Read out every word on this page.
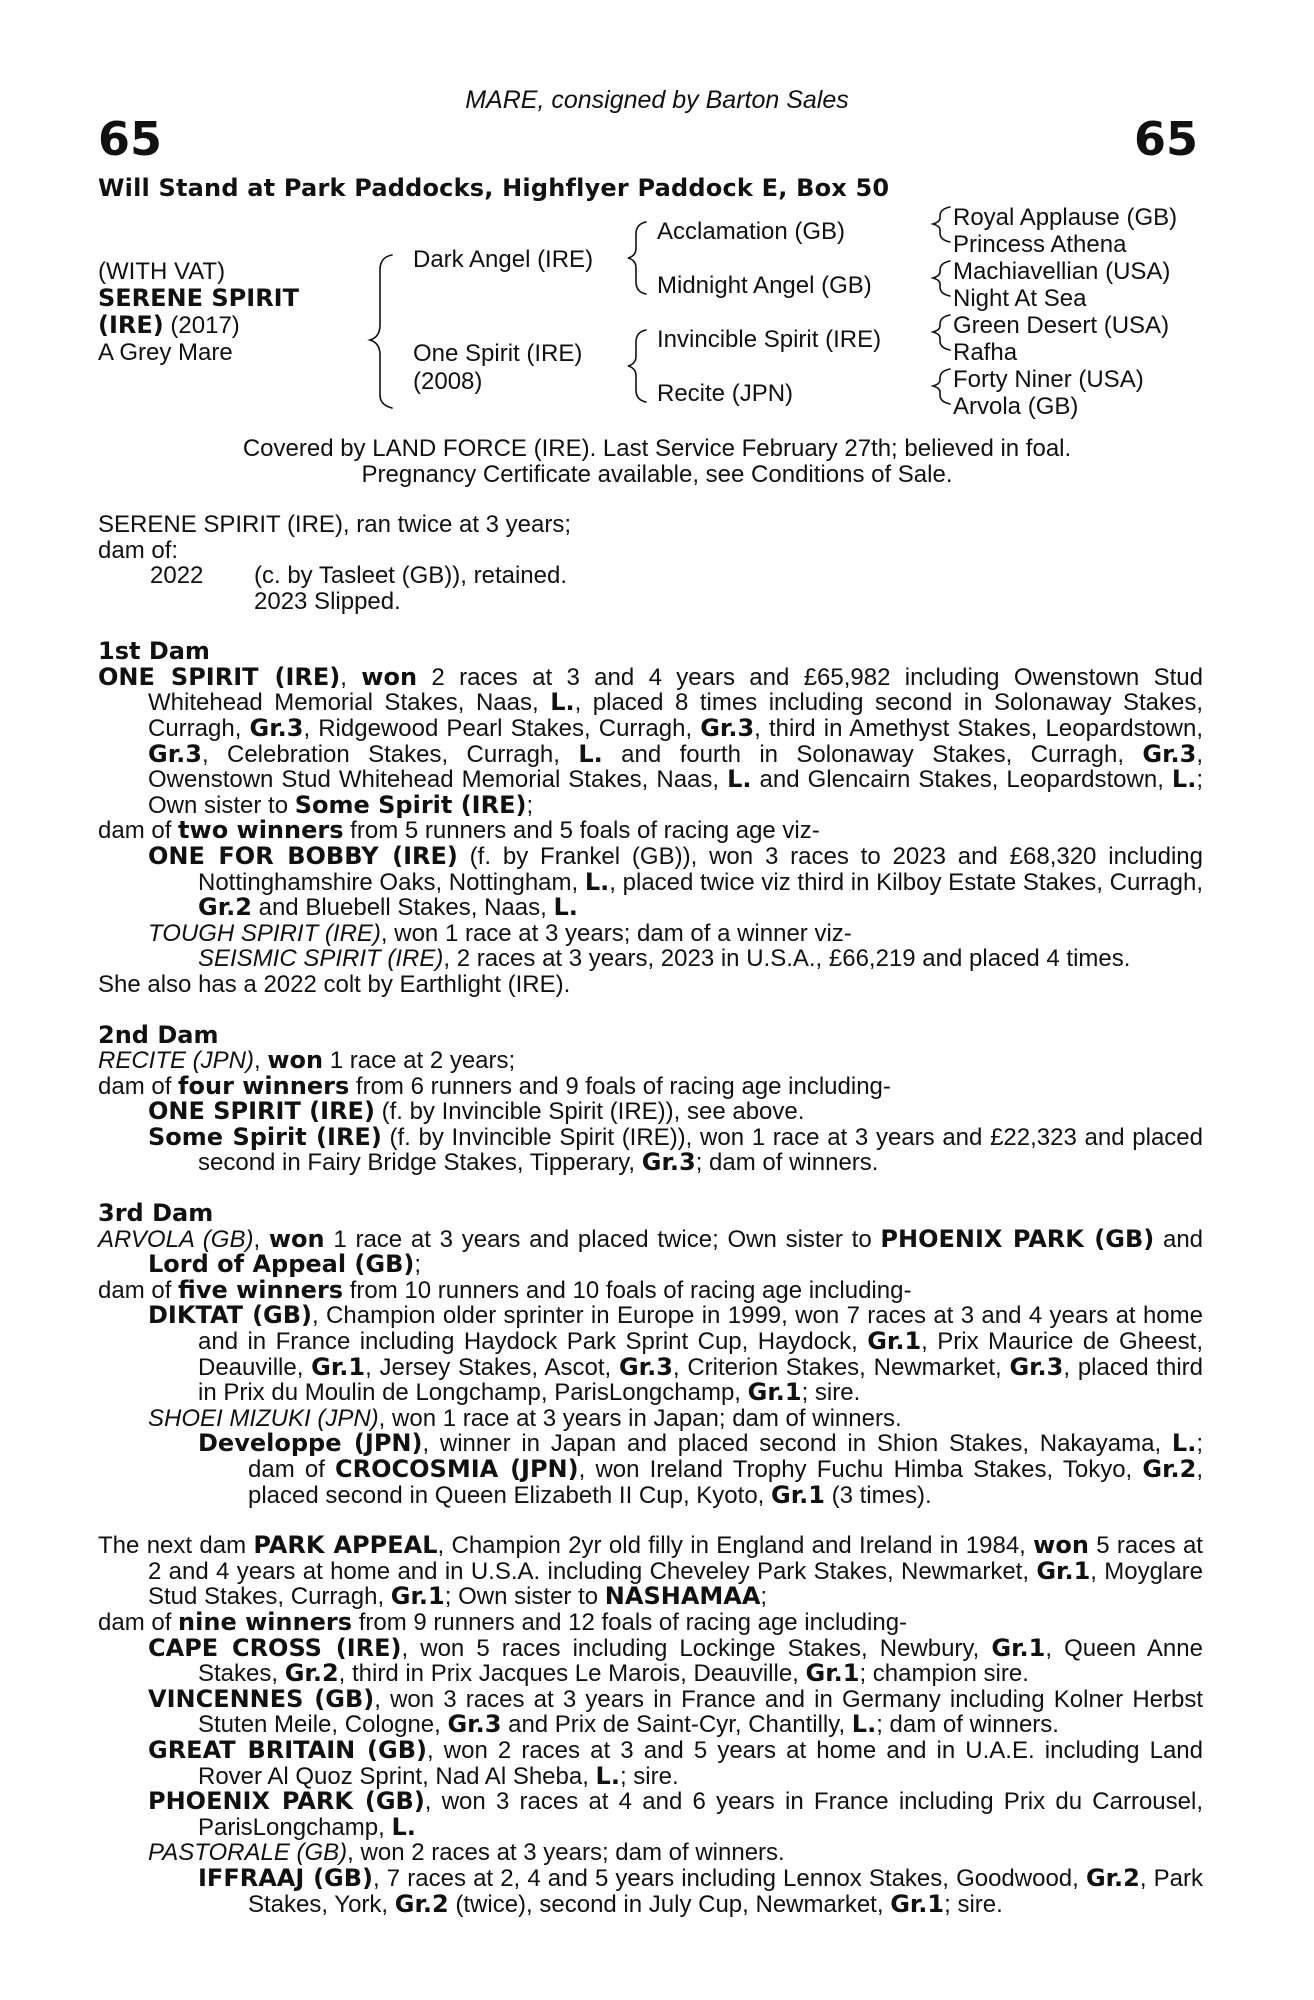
MARE, consigned by Barton Sales
65	65
Will Stand at Park Paddocks, Highflyer Paddock E, Box 50
(WITH VAT)
SERENE SPIRIT
(IRE) (2017)
A Grey Mare
Dark Angel (IRE)
One Spirit (IRE)
(2008)
Acclamation (GB)
Midnight Angel (GB)
Invincible Spirit (IRE)
Recite (JPN)
Royal Applause (GB)
Princess Athena
Machiavellian (USA)
Night At Sea
Green Desert (USA)
Rafha
Forty Niner (USA)
Arvola (GB)
Covered by LAND FORCE (IRE). Last Service February 27th; believed in foal.
Pregnancy Certificate available, see Conditions of Sale.

SERENE SPIRIT (IRE), ran twice at 3 years;

dam of:

2022 (c. by Tasleet (GB)), retained.
2023 Slipped.

1st Dam

ONE SPIRIT (IRE), won 2 races at 3 and 4 years and £65,982 including Owenstown Stud Whitehead Memorial Stakes, Naas, L., placed 8 times including second in Solonaway Stakes, Curragh, Gr.3, Ridgewood Pearl Stakes, Curragh, Gr.3, third in Amethyst Stakes, Leopardstown, Gr.3, Celebration Stakes, Curragh, L. and fourth in Solonaway Stakes, Curragh, Gr.3, Owenstown Stud Whitehead Memorial Stakes, Naas, L. and Glencairn Stakes, Leopardstown, L.; Own sister to Some Spirit (IRE);

dam of two winners from 5 runners and 5 foals of racing age viz-

ONE FOR BOBBY (IRE) (f. by Frankel (GB)), won 3 races to 2023 and £68,320 including Nottinghamshire Oaks, Nottingham, L., placed twice viz third in Kilboy Estate Stakes, Curragh, Gr.2 and Bluebell Stakes, Naas, L.

TOUGH SPIRIT (IRE), won 1 race at 3 years; dam of a winner viz-

SEISMIC SPIRIT (IRE), 2 races at 3 years, 2023 in U.S.A., £66,219 and placed 4 times.

She also has a 2022 colt by Earthlight (IRE).

2nd Dam

RECITE (JPN), won 1 race at 2 years;

dam of four winners from 6 runners and 9 foals of racing age including-

ONE SPIRIT (IRE) (f. by Invincible Spirit (IRE)), see above.

Some Spirit (IRE) (f. by Invincible Spirit (IRE)), won 1 race at 3 years and £22,323 and placed second in Fairy Bridge Stakes, Tipperary, Gr.3; dam of winners.

3rd Dam

ARVOLA (GB), won 1 race at 3 years and placed twice; Own sister to PHOENIX PARK (GB) and Lord of Appeal (GB);

dam of five winners from 10 runners and 10 foals of racing age including-

DIKTAT (GB), Champion older sprinter in Europe in 1999, won 7 races at 3 and 4 years at home and in France including Haydock Park Sprint Cup, Haydock, Gr.1, Prix Maurice de Gheest, Deauville, Gr.1, Jersey Stakes, Ascot, Gr.3, Criterion Stakes, Newmarket, Gr.3, placed third in Prix du Moulin de Longchamp, ParisLongchamp, Gr.1; sire.

SHOEI MIZUKI (JPN), won 1 race at 3 years in Japan; dam of winners.

Developpe (JPN), winner in Japan and placed second in Shion Stakes, Nakayama, L.; dam of CROCOSMIA (JPN), won Ireland Trophy Fuchu Himba Stakes, Tokyo, Gr.2, placed second in Queen Elizabeth II Cup, Kyoto, Gr.1 (3 times).

The next dam PARK APPEAL, Champion 2yr old filly in England and Ireland in 1984, won 5 races at 2 and 4 years at home and in U.S.A. including Cheveley Park Stakes, Newmarket, Gr.1, Moyglare Stud Stakes, Curragh, Gr.1; Own sister to NASHAMAA;

dam of nine winners from 9 runners and 12 foals of racing age including-

CAPE CROSS (IRE), won 5 races including Lockinge Stakes, Newbury, Gr.1, Queen Anne Stakes, Gr.2, third in Prix Jacques Le Marois, Deauville, Gr.1; champion sire.

VINCENNES (GB), won 3 races at 3 years in France and in Germany including Kolner Herbst Stuten Meile, Cologne, Gr.3 and Prix de Saint-Cyr, Chantilly, L.; dam of winners.

GREAT BRITAIN (GB), won 2 races at 3 and 5 years at home and in U.A.E. including Land Rover Al Quoz Sprint, Nad Al Sheba, L.; sire.

PHOENIX PARK (GB), won 3 races at 4 and 6 years in France including Prix du Carrousel, ParisLongchamp, L.

PASTORALE (GB), won 2 races at 3 years; dam of winners.

IFFRAAJ (GB), 7 races at 2, 4 and 5 years including Lennox Stakes, Goodwood, Gr.2, Park Stakes, York, Gr.2 (twice), second in July Cup, Newmarket, Gr.1; sire.
